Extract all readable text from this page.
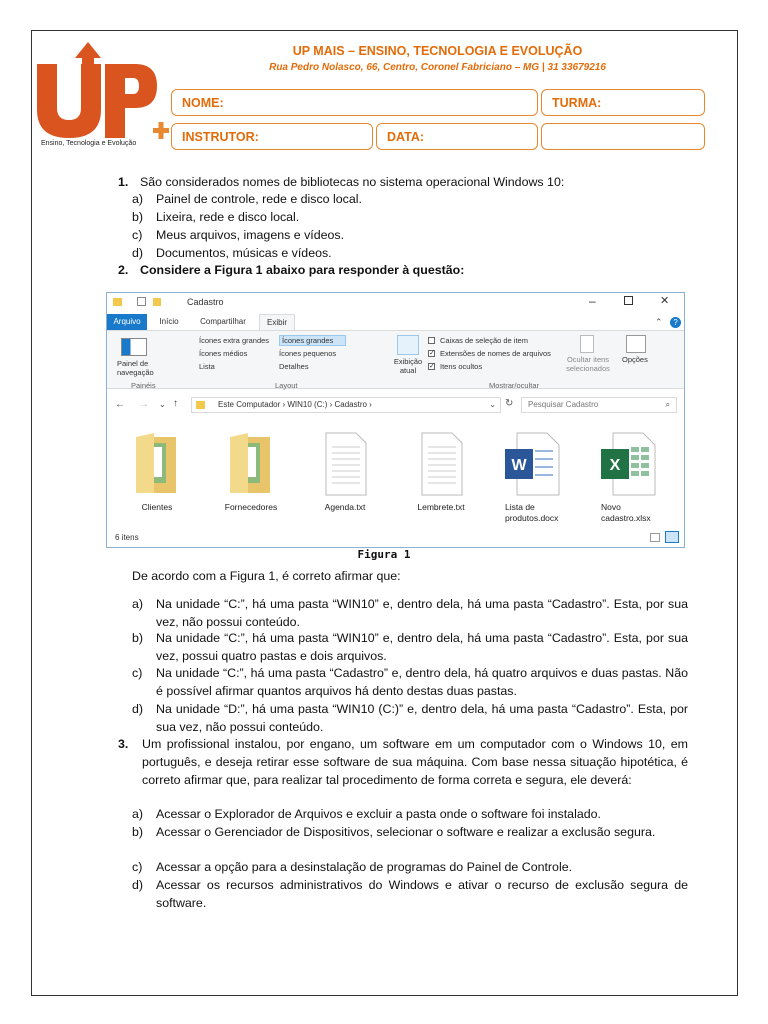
Ensino, Tecnologia e Evolução
UP MAIS – ENSINO, TECNOLOGIA E EVOLUÇÃO
Rua Pedro Nolasco, 66, Centro, Coronel Fabriciano – MG | 31 33679216
NOME:	TURMA:
INSTRUTOR:	DATA:
1. São considerados nomes de bibliotecas no sistema operacional Windows 10:
a) Painel de controle, rede e disco local.
b) Lixeira, rede e disco local.
c) Meus arquivos, imagens e vídeos.
d) Documentos, músicas e vídeos.
2. Considere a Figura 1 abaixo para responder à questão:
Cadastro	–	✕
Arquivo	Início	Compartilhar	Exibir	⌃	?
Painel de navegação
Painéis
Ícones extra grandes	Ícones grandes
Ícones médios	Ícones pequenos
Lista	Detalhes
Layout
Exibição atual
Caixas de seleção de item
✓ Extensões de nomes de arquivos
✓ Itens ocultos
Ocultar itens selecionados
Opções
Mostrar/ocultar
← → ⌄ ↑	Este Computador › WIN10 (C:) › Cadastro ›	⌄ ↻	Pesquisar Cadastro	⌕
Clientes	Fornecedores	Agenda.txt	Lembrete.txt
W
Lista de produtos.docx
X
Novo cadastro.xlsx
6 itens
Figura 1
De acordo com a Figura 1, é correto afirmar que:
a) Na unidade “C:”, há uma pasta “WIN10” e, dentro dela, há uma pasta “Cadastro”. Esta, por sua vez, não possui conteúdo.
b) Na unidade “C:”, há uma pasta “WIN10” e, dentro dela, há uma pasta “Cadastro”. Esta, por sua vez, possui quatro pastas e dois arquivos.
c) Na unidade “C:”, há uma pasta “Cadastro” e, dentro dela, há quatro arquivos e duas pastas. Não é possível afirmar quantos arquivos há dento destas duas pastas.
d) Na unidade “D:”, há uma pasta “WIN10 (C:)” e, dentro dela, há uma pasta “Cadastro”. Esta, por sua vez, não possui conteúdo.
3. Um profissional instalou, por engano, um software em um computador com o Windows 10, em português, e deseja retirar esse software de sua máquina. Com base nessa situação hipotética, é correto afirmar que, para realizar tal procedimento de forma correta e segura, ele deverá:
a) Acessar o Explorador de Arquivos e excluir a pasta onde o software foi instalado.
b) Acessar o Gerenciador de Dispositivos, selecionar o software e realizar a exclusão segura.
c) Acessar a opção para a desinstalação de programas do Painel de Controle.
d) Acessar os recursos administrativos do Windows e ativar o recurso de exclusão segura de software.
